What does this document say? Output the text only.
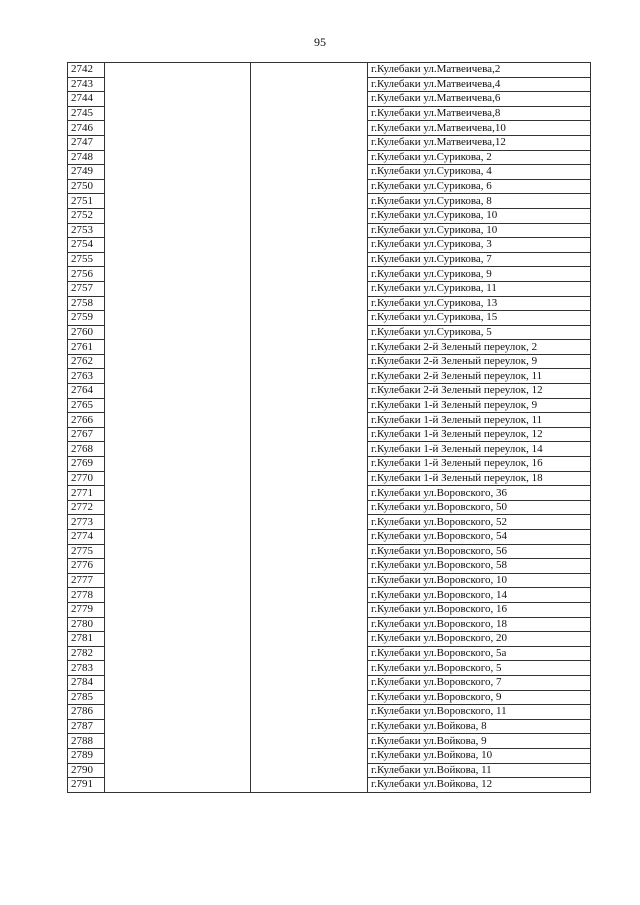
95
2742			г.Кулебаки ул.Матвеичева,2
2743			г.Кулебаки ул.Матвеичева,4
2744			г.Кулебаки ул.Матвеичева,6
2745			г.Кулебаки ул.Матвеичева,8
2746			г.Кулебаки ул.Матвеичева,10
2747			г.Кулебаки ул.Матвеичева,12
2748			г.Кулебаки ул.Сурикова, 2
2749			г.Кулебаки ул.Сурикова, 4
2750			г.Кулебаки ул.Сурикова, 6
2751			г.Кулебаки ул.Сурикова, 8
2752			г.Кулебаки ул.Сурикова, 10
2753			г.Кулебаки ул.Сурикова, 10
2754			г.Кулебаки ул.Сурикова, 3
2755			г.Кулебаки ул.Сурикова, 7
2756			г.Кулебаки ул.Сурикова, 9
2757			г.Кулебаки ул.Сурикова, 11
2758			г.Кулебаки ул.Сурикова, 13
2759			г.Кулебаки ул.Сурикова, 15
2760			г.Кулебаки ул.Сурикова, 5
2761			г.Кулебаки 2-й Зеленый переулок, 2
2762			г.Кулебаки 2-й Зеленый переулок, 9
2763			г.Кулебаки 2-й Зеленый переулок, 11
2764			г.Кулебаки 2-й Зеленый переулок, 12
2765			г.Кулебаки 1-й Зеленый переулок, 9
2766			г.Кулебаки 1-й Зеленый переулок, 11
2767			г.Кулебаки 1-й Зеленый переулок, 12
2768			г.Кулебаки 1-й Зеленый переулок, 14
2769			г.Кулебаки 1-й Зеленый переулок, 16
2770			г.Кулебаки 1-й Зеленый переулок, 18
2771			г.Кулебаки ул.Воровского, 36
2772			г.Кулебаки ул.Воровского, 50
2773			г.Кулебаки ул.Воровского, 52
2774			г.Кулебаки ул.Воровского, 54
2775			г.Кулебаки ул.Воровского, 56
2776			г.Кулебаки ул.Воровского, 58
2777			г.Кулебаки ул.Воровского, 10
2778			г.Кулебаки ул.Воровского, 14
2779			г.Кулебаки ул.Воровского, 16
2780			г.Кулебаки ул.Воровского, 18
2781			г.Кулебаки ул.Воровского, 20
2782			г.Кулебаки ул.Воровского, 5а
2783			г.Кулебаки ул.Воровского, 5
2784			г.Кулебаки ул.Воровского, 7
2785			г.Кулебаки ул.Воровского, 9
2786			г.Кулебаки ул.Воровского, 11
2787			г.Кулебаки ул.Войкова, 8
2788			г.Кулебаки ул.Войкова, 9
2789			г.Кулебаки ул.Войкова, 10
2790			г.Кулебаки ул.Войкова, 11
2791			г.Кулебаки ул.Войкова, 12
